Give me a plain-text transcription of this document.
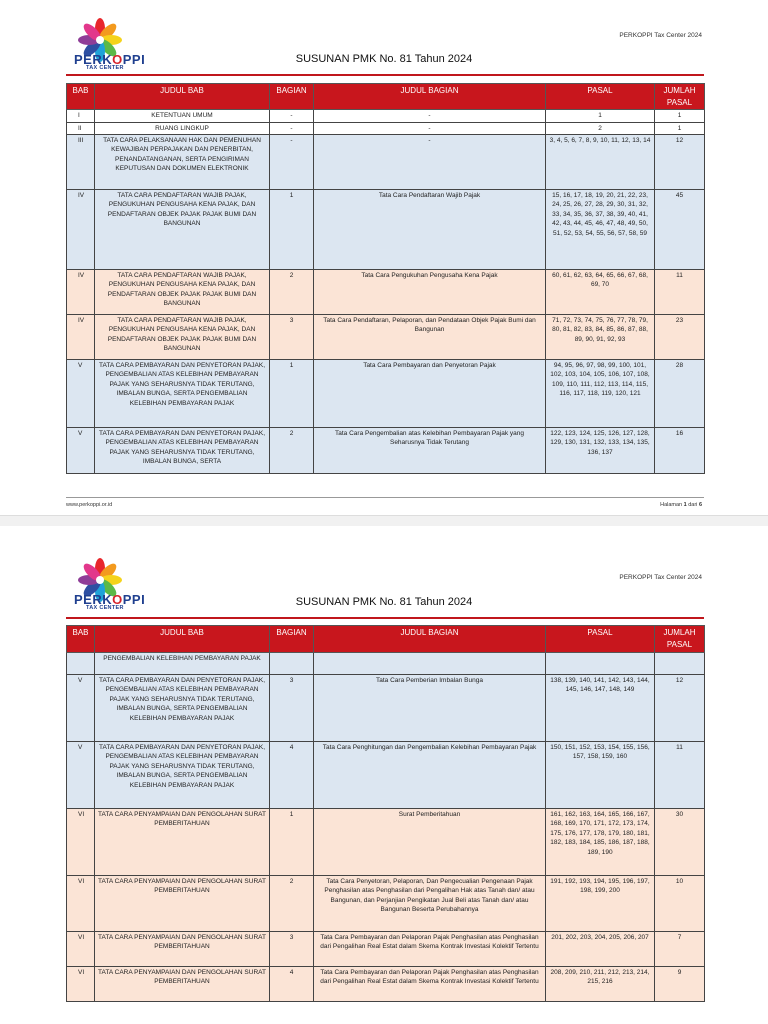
PERKOPPI
TAX CENTER
PERKOPPI Tax Center 2024
SUSUNAN PMK No. 81 Tahun 2024
BAB	JUDUL BAB	BAGIAN	JUDUL BAGIAN	PASAL	JUMLAH PASAL
I	KETENTUAN UMUM	-	-	1	1
II	RUANG LINGKUP	-	-	2	1
III	TATA CARA PELAKSANAAN HAK DAN PEMENUHAN KEWAJIBAN PERPAJAKAN DAN PENERBITAN, PENANDATANGANAN, SERTA PENGIRIMAN KEPUTUSAN DAN DOKUMEN ELEKTRONIK	-	-	3, 4, 5, 6, 7, 8, 9, 10, 11, 12, 13, 14	12
IV	TATA CARA PENDAFTARAN WAJIB PAJAK, PENGUKUHAN PENGUSAHA KENA PAJAK, DAN PENDAFTARAN OBJEK PAJAK PAJAK BUMI DAN BANGUNAN	1	Tata Cara Pendaftaran Wajib Pajak	15, 16, 17, 18, 19, 20, 21, 22, 23, 24, 25, 26, 27, 28, 29, 30, 31, 32, 33, 34, 35, 36, 37, 38, 39, 40, 41, 42, 43, 44, 45, 46, 47, 48, 49, 50, 51, 52, 53, 54, 55, 56, 57, 58, 59	45
IV	TATA CARA PENDAFTARAN WAJIB PAJAK, PENGUKUHAN PENGUSAHA KENA PAJAK, DAN PENDAFTARAN OBJEK PAJAK PAJAK BUMI DAN BANGUNAN	2	Tata Cara Pengukuhan Pengusaha Kena Pajak	60, 61, 62, 63, 64, 65, 66, 67, 68, 69, 70	11
IV	TATA CARA PENDAFTARAN WAJIB PAJAK, PENGUKUHAN PENGUSAHA KENA PAJAK, DAN PENDAFTARAN OBJEK PAJAK PAJAK BUMI DAN BANGUNAN	3	Tata Cara Pendaftaran, Pelaporan, dan Pendataan Objek Pajak Bumi dan Bangunan	71, 72, 73, 74, 75, 76, 77, 78, 79, 80, 81, 82, 83, 84, 85, 86, 87, 88, 89, 90, 91, 92, 93	23
V	TATA CARA PEMBAYARAN DAN PENYETORAN PAJAK, PENGEMBALIAN ATAS KELEBIHAN PEMBAYARAN PAJAK YANG SEHARUSNYA TIDAK TERUTANG, IMBALAN BUNGA, SERTA PENGEMBALIAN KELEBIHAN PEMBAYARAN PAJAK	1	Tata Cara Pembayaran dan Penyetoran Pajak	94, 95, 96, 97, 98, 99, 100, 101, 102, 103, 104, 105, 106, 107, 108, 109, 110, 111, 112, 113, 114, 115, 116, 117, 118, 119, 120, 121	28
V	TATA CARA PEMBAYARAN DAN PENYETORAN PAJAK, PENGEMBALIAN ATAS KELEBIHAN PEMBAYARAN PAJAK YANG SEHARUSNYA TIDAK TERUTANG, IMBALAN BUNGA, SERTA	2	Tata Cara Pengembalian atas Kelebihan Pembayaran Pajak yang Seharusnya Tidak Terutang	122, 123, 124, 125, 126, 127, 128, 129, 130, 131, 132, 133, 134, 135, 136, 137	16
www.perkoppi.or.id	Halaman 1 dari 6
PERKOPPI
TAX CENTER
PERKOPPI Tax Center 2024
SUSUNAN PMK No. 81 Tahun 2024
BAB	JUDUL BAB	BAGIAN	JUDUL BAGIAN	PASAL	JUMLAH PASAL
	PENGEMBALIAN KELEBIHAN PEMBAYARAN PAJAK				
V	TATA CARA PEMBAYARAN DAN PENYETORAN PAJAK, PENGEMBALIAN ATAS KELEBIHAN PEMBAYARAN PAJAK YANG SEHARUSNYA TIDAK TERUTANG, IMBALAN BUNGA, SERTA PENGEMBALIAN KELEBIHAN PEMBAYARAN PAJAK	3	Tata Cara Pemberian Imbalan Bunga	138, 139, 140, 141, 142, 143, 144, 145, 146, 147, 148, 149	12
V	TATA CARA PEMBAYARAN DAN PENYETORAN PAJAK, PENGEMBALIAN ATAS KELEBIHAN PEMBAYARAN PAJAK YANG SEHARUSNYA TIDAK TERUTANG, IMBALAN BUNGA, SERTA PENGEMBALIAN KELEBIHAN PEMBAYARAN PAJAK	4	Tata Cara Penghitungan dan Pengembalian Kelebihan Pembayaran Pajak	150, 151, 152, 153, 154, 155, 156, 157, 158, 159, 160	11
VI	TATA CARA PENYAMPAIAN DAN PENGOLAHAN SURAT PEMBERITAHUAN	1	Surat Pemberitahuan	161, 162, 163, 164, 165, 166, 167, 168, 169, 170, 171, 172, 173, 174, 175, 176, 177, 178, 179, 180, 181, 182, 183, 184, 185, 186, 187, 188, 189, 190	30
VI	TATA CARA PENYAMPAIAN DAN PENGOLAHAN SURAT PEMBERITAHUAN	2	Tata Cara Penyetoran, Pelaporan, Dan Pengecualian Pengenaan Pajak Penghasilan atas Penghasilan dari Pengalihan Hak atas Tanah dan/ atau Bangunan, dan Perjanjian Pengikatan Jual Beli atas Tanah dan/ atau Bangunan Beserta Perubahannya	191, 192, 193, 194, 195, 196, 197, 198, 199, 200	10
VI	TATA CARA PENYAMPAIAN DAN PENGOLAHAN SURAT PEMBERITAHUAN	3	Tata Cara Pembayaran dan Pelaporan Pajak Penghasilan atas Penghasilan dari Pengalihan Real Estat dalam Skema Kontrak Investasi Kolektif Tertentu	201, 202, 203, 204, 205, 206, 207	7
VI	TATA CARA PENYAMPAIAN DAN PENGOLAHAN SURAT PEMBERITAHUAN	4	Tata Cara Pembayaran dan Pelaporan Pajak Penghasilan atas Penghasilan dari Pengalihan Real Estat dalam Skema Kontrak Investasi Kolektif Tertentu	208, 209, 210, 211, 212, 213, 214, 215, 216	9
